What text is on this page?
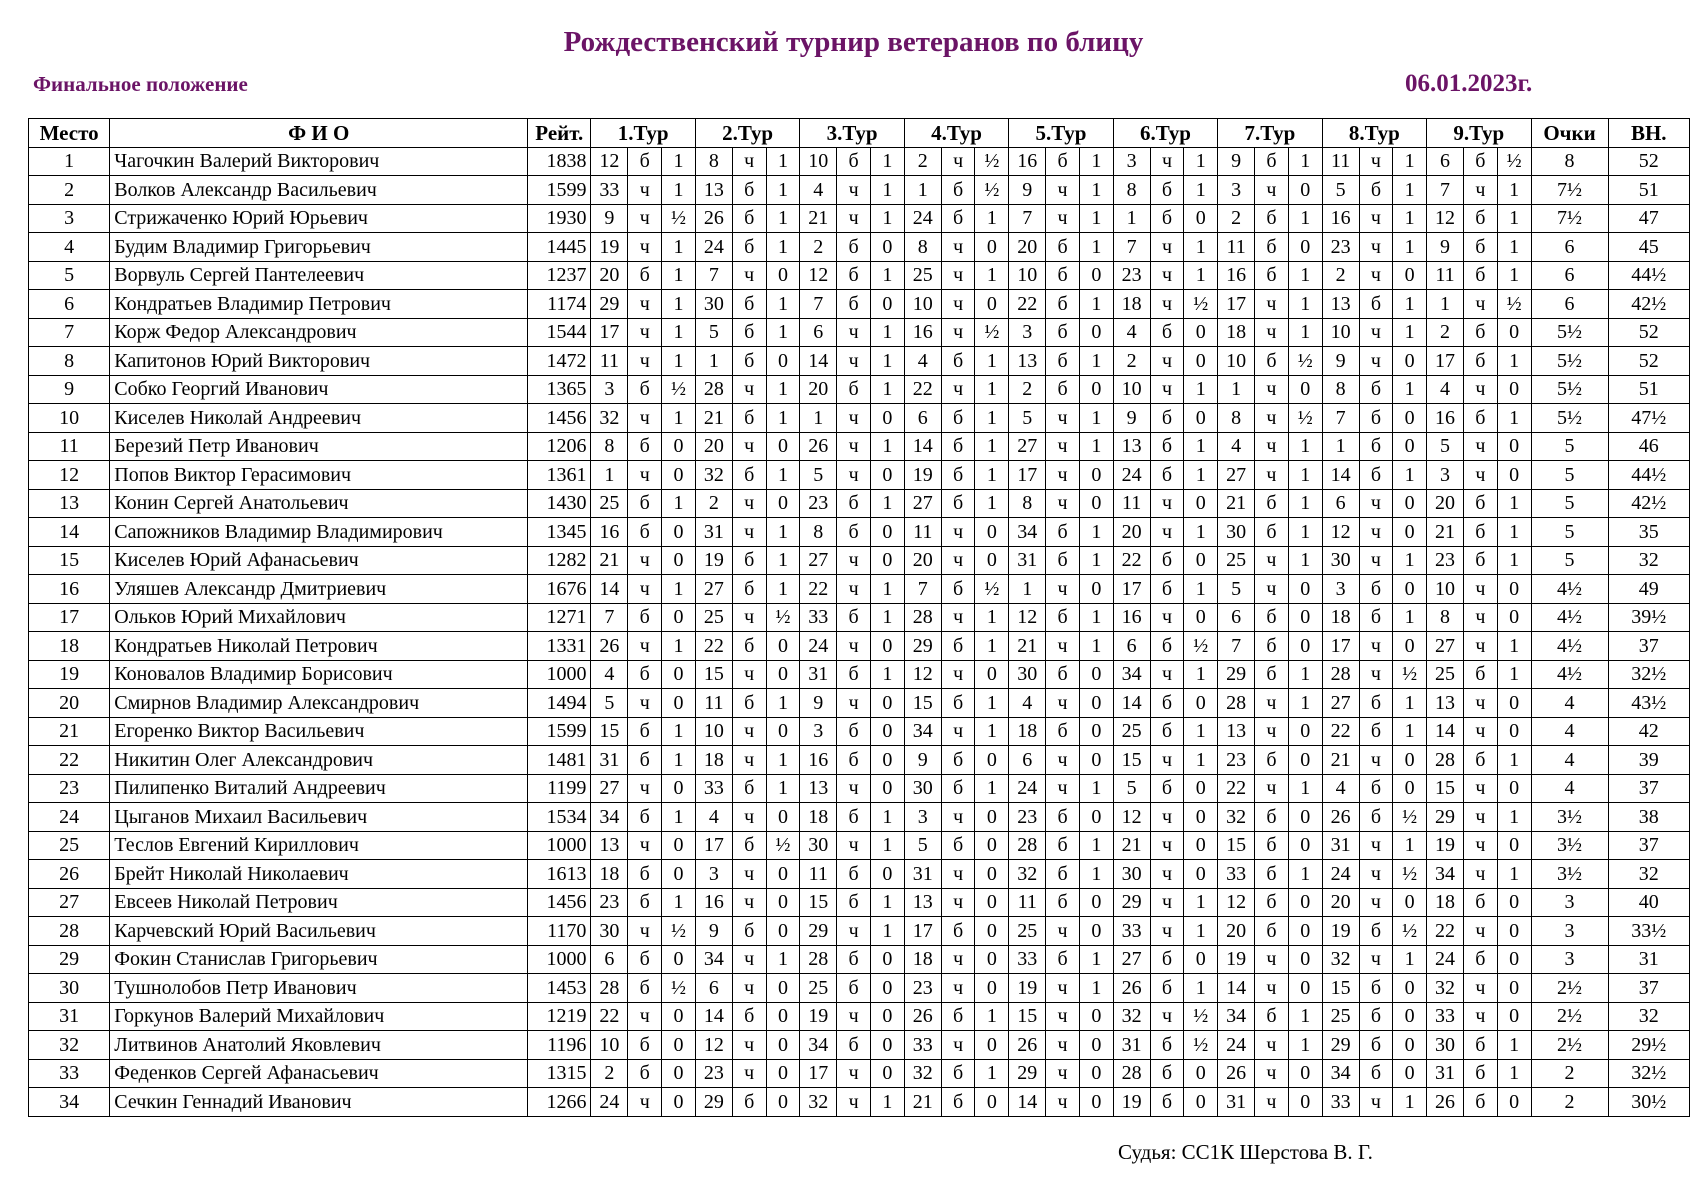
Рождественский турнир ветеранов по блицу
Финальное положение	06.01.2023г.
Место	Ф И О	Рейт.	1.Тур			2.Тур			3.Тур			4.Тур			5.Тур			6.Тур			7.Тур			8.Тур			9.Тур			Очки	ВН.
1	Чагочкин Валерий Викторович	1838	12	б	1	8	ч	1	10	б	1	2	ч	½	16	б	1	3	ч	1	9	б	1	11	ч	1	6	б	½	8	52
2	Волков Александр Васильевич	1599	33	ч	1	13	б	1	4	ч	1	1	б	½	9	ч	1	8	б	1	3	ч	0	5	б	1	7	ч	1	7½	51
3	Стрижаченко Юрий Юрьевич	1930	9	ч	½	26	б	1	21	ч	1	24	б	1	7	ч	1	1	б	0	2	б	1	16	ч	1	12	б	1	7½	47
4	Будим Владимир Григорьевич	1445	19	ч	1	24	б	1	2	б	0	8	ч	0	20	б	1	7	ч	1	11	б	0	23	ч	1	9	б	1	6	45
5	Ворвуль Сергей Пантелеевич	1237	20	б	1	7	ч	0	12	б	1	25	ч	1	10	б	0	23	ч	1	16	б	1	2	ч	0	11	б	1	6	44½
6	Кондратьев Владимир Петрович	1174	29	ч	1	30	б	1	7	б	0	10	ч	0	22	б	1	18	ч	½	17	ч	1	13	б	1	1	ч	½	6	42½
7	Корж Федор Александрович	1544	17	ч	1	5	б	1	6	ч	1	16	ч	½	3	б	0	4	б	0	18	ч	1	10	ч	1	2	б	0	5½	52
8	Капитонов Юрий Викторович	1472	11	ч	1	1	б	0	14	ч	1	4	б	1	13	б	1	2	ч	0	10	б	½	9	ч	0	17	б	1	5½	52
9	Собко Георгий Иванович	1365	3	б	½	28	ч	1	20	б	1	22	ч	1	2	б	0	10	ч	1	1	ч	0	8	б	1	4	ч	0	5½	51
10	Киселев Николай Андреевич	1456	32	ч	1	21	б	1	1	ч	0	6	б	1	5	ч	1	9	б	0	8	ч	½	7	б	0	16	б	1	5½	47½
11	Березий Петр Иванович	1206	8	б	0	20	ч	0	26	ч	1	14	б	1	27	ч	1	13	б	1	4	ч	1	1	б	0	5	ч	0	5	46
12	Попов Виктор Герасимович	1361	1	ч	0	32	б	1	5	ч	0	19	б	1	17	ч	0	24	б	1	27	ч	1	14	б	1	3	ч	0	5	44½
13	Конин Сергей Анатольевич	1430	25	б	1	2	ч	0	23	б	1	27	б	1	8	ч	0	11	ч	0	21	б	1	6	ч	0	20	б	1	5	42½
14	Сапожников Владимир Владимирович	1345	16	б	0	31	ч	1	8	б	0	11	ч	0	34	б	1	20	ч	1	30	б	1	12	ч	0	21	б	1	5	35
15	Киселев Юрий Афанасьевич	1282	21	ч	0	19	б	1	27	ч	0	20	ч	0	31	б	1	22	б	0	25	ч	1	30	ч	1	23	б	1	5	32
16	Уляшев Александр Дмитриевич	1676	14	ч	1	27	б	1	22	ч	1	7	б	½	1	ч	0	17	б	1	5	ч	0	3	б	0	10	ч	0	4½	49
17	Ольков Юрий Михайлович	1271	7	б	0	25	ч	½	33	б	1	28	ч	1	12	б	1	16	ч	0	6	б	0	18	б	1	8	ч	0	4½	39½
18	Кондратьев Николай Петрович	1331	26	ч	1	22	б	0	24	ч	0	29	б	1	21	ч	1	6	б	½	7	б	0	17	ч	0	27	ч	1	4½	37
19	Коновалов Владимир Борисович	1000	4	б	0	15	ч	0	31	б	1	12	ч	0	30	б	0	34	ч	1	29	б	1	28	ч	½	25	б	1	4½	32½
20	Смирнов Владимир Александрович	1494	5	ч	0	11	б	1	9	ч	0	15	б	1	4	ч	0	14	б	0	28	ч	1	27	б	1	13	ч	0	4	43½
21	Егоренко Виктор Васильевич	1599	15	б	1	10	ч	0	3	б	0	34	ч	1	18	б	0	25	б	1	13	ч	0	22	б	1	14	ч	0	4	42
22	Никитин Олег Александрович	1481	31	б	1	18	ч	1	16	б	0	9	б	0	6	ч	0	15	ч	1	23	б	0	21	ч	0	28	б	1	4	39
23	Пилипенко Виталий Андреевич	1199	27	ч	0	33	б	1	13	ч	0	30	б	1	24	ч	1	5	б	0	22	ч	1	4	б	0	15	ч	0	4	37
24	Цыганов Михаил Васильевич	1534	34	б	1	4	ч	0	18	б	1	3	ч	0	23	б	0	12	ч	0	32	б	0	26	б	½	29	ч	1	3½	38
25	Теслов Евгений Кириллович	1000	13	ч	0	17	б	½	30	ч	1	5	б	0	28	б	1	21	ч	0	15	б	0	31	ч	1	19	ч	0	3½	37
26	Брейт Николай Николаевич	1613	18	б	0	3	ч	0	11	б	0	31	ч	0	32	б	1	30	ч	0	33	б	1	24	ч	½	34	ч	1	3½	32
27	Евсеев Николай Петрович	1456	23	б	1	16	ч	0	15	б	1	13	ч	0	11	б	0	29	ч	1	12	б	0	20	ч	0	18	б	0	3	40
28	Карчевский Юрий Васильевич	1170	30	ч	½	9	б	0	29	ч	1	17	б	0	25	ч	0	33	ч	1	20	б	0	19	б	½	22	ч	0	3	33½
29	Фокин Станислав Григорьевич	1000	6	б	0	34	ч	1	28	б	0	18	ч	0	33	б	1	27	б	0	19	ч	0	32	ч	1	24	б	0	3	31
30	Тушнолобов Петр Иванович	1453	28	б	½	6	ч	0	25	б	0	23	ч	0	19	ч	1	26	б	1	14	ч	0	15	б	0	32	ч	0	2½	37
31	Горкунов Валерий Михайлович	1219	22	ч	0	14	б	0	19	ч	0	26	б	1	15	ч	0	32	ч	½	34	б	1	25	б	0	33	ч	0	2½	32
32	Литвинов Анатолий Яковлевич	1196	10	б	0	12	ч	0	34	б	0	33	ч	0	26	ч	0	31	б	½	24	ч	1	29	б	0	30	б	1	2½	29½
33	Феденков Сергей Афанасьевич	1315	2	б	0	23	ч	0	17	ч	0	32	б	1	29	ч	0	28	б	0	26	ч	0	34	б	0	31	б	1	2	32½
34	Сечкин Геннадий Иванович	1266	24	ч	0	29	б	0	32	ч	1	21	б	0	14	ч	0	19	б	0	31	ч	0	33	ч	1	26	б	0	2	30½
Судья: СС1К Шерстова В. Г.
